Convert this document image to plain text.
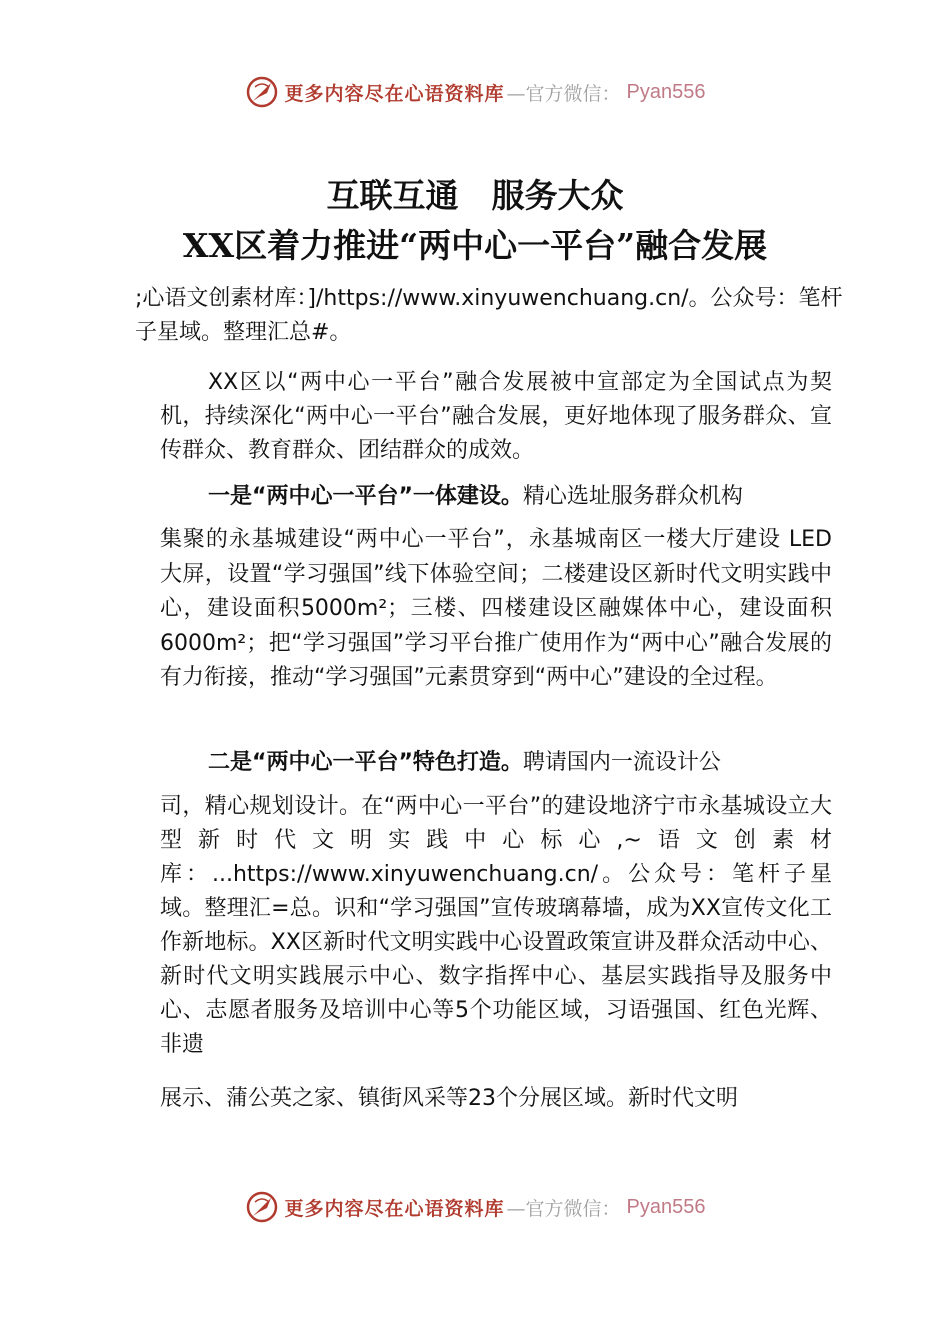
更多内容尽在心语资料库 —官方微信： Pyan556
互联互通　服务大众
XX区着力推进“两中心一平台”融合发展

;心语文创素材库：]/https://www.xinyuwenchuang.cn/。公众号：笔杆子星域。整理汇总#。

XX区以“两中心一平台”融合发展被中宣部定为全国试点为契机，持续深化“两中心一平台”融合发展，更好地体现了服务群众、宣传群众、教育群众、团结群众的成效。

一是“两中心一平台”一体建设。精心选址服务群众机构

集聚的永基城建设“两中心一平台”，永基城南区一楼大厅建设 LED 大屏，设置“学习强国”线下体验空间；二楼建设区新时代文明实践中心，建设面积5000m²；三楼、四楼建设区融媒体中心，建设面积6000m²；把“学习强国”学习平台推广使用作为“两中心”融合发展的有力衔接，推动“学习强国”元素贯穿到“两中心”建设的全过程。

二是“两中心一平台”特色打造。聘请国内一流设计公

司，精心规划设计。在“两中心一平台”的建设地济宁市永基城设立大型新时代文明实践中心标心,~语文创素材库：...https://www.xinyuwenchuang.cn/。公众号：笔杆子星域。整理汇=总。识和“学习强国”宣传玻璃幕墙，成为XX宣传文化工作新地标。XX区新时代文明实践中心设置政策宣讲及群众活动中心、新时代文明实践展示中心、数字指挥中心、基层实践指导及服务中心、志愿者服务及培训中心等5个功能区域，习语强国、红色光辉、非遗

展示、蒲公英之家、镇街风采等23个分展区域。新时代文明

更多内容尽在心语资料库 —官方微信： Pyan556
